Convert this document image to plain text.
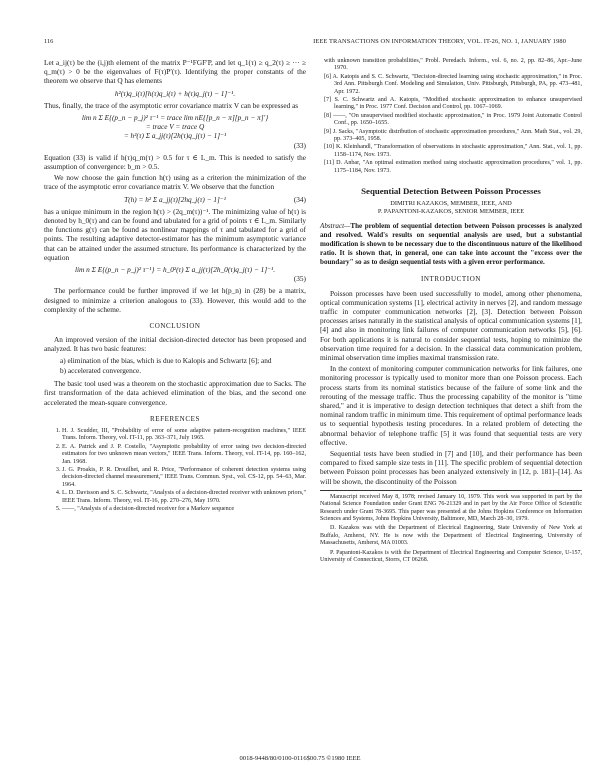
116	IEEE TRANSACTIONS ON INFORMATION THEORY, VOL. IT-26, NO. 1, JANUARY 1980

Let a_ij(τ) be the (i,j)th element of the matrix P⁻¹FGF′P, and let q_1(τ) ≥ q_2(τ) ≥ ··· ≥ q_m(τ) > 0 be the eigenvalues of F(τ)P′(τ). Identifying the proper constants of the theorem we observe that Q has elements

h²(τ)q_i(τ)[h(τ)q_i(τ) + h(τ)q_j(τ) − 1]⁻¹.

Thus, finally, the trace of the asymptotic error covariance matrix V can be expressed as

lim n Σ E{(p_n − p_j)² τ⁻¹ = trace lim nE{[p_n − π][p_n − π]′}
= trace V = trace Q
= h²(τ) Σ a_jj(τ)[2h(τ)q_j(τ) − 1]⁻¹
(33)

Equation (33) is valid if h(τ)q_m(τ) > 0.5 for τ ∈ L_m. This is needed to satisfy the assumption of convergence: b_m > 0.5.

We now choose the gain function h(τ) using as a criterion the minimization of the trace of the asymptotic error covariance matrix V. We observe that the function

T(h) = h² Σ a_jj(τ)[2hq_j(τ) − 1]⁻¹	(34)

has a unique minimum in the region h(τ) > (2q_m(τ))⁻¹. The minimizing value of h(τ) is denoted by h_0(τ) and can be found and tabulated for a grid of points τ ∈ L_m. Similarly the functions g(τ) can be found as nonlinear mappings of τ and tabulated for a grid of points. The resulting adaptive detector-estimator has the minimum asymptotic variance that can be attained under the assumed structure. Its performance is characterized by the equation

lim n Σ E{(p_n − p_j)² τ⁻¹} = h_0²(τ) Σ a_jj(τ)[2h_0(τ)q_j(τ) − 1]⁻¹.
(35)

The performance could be further improved if we let h(p_n) in (28) be a matrix, designed to minimize a criterion analogous to (33). However, this would add to the complexity of the scheme.

CONCLUSION

An improved version of the initial decision-directed detector has been proposed and analyzed. It has two basic features:

a) elimination of the bias, which is due to Kalopis and Schwartz [6]; and
b) accelerated convergence.

The basic tool used was a theorem on the stochastic approximation due to Sacks. The first transformation of the data achieved elimination of the bias, and the second one accelerated the mean-square convergence.

REFERENCES
1. H. J. Scudder, III, "Probability of error of some adaptive pattern-recognition machines," IEEE Trans. Inform. Theory, vol. IT-11, pp. 363–371, July 1965.
2. E. A. Patrick and J. P. Costello, "Asymptotic probability of error using two decision-directed estimators for two unknown mean vectors," IEEE Trans. Inform. Theory, vol. IT-14, pp. 160–162, Jan. 1968.
3. J. G. Proakis, P. R. Drouilhet, and R. Price, "Performance of coherent detection systems using decision-directed channel measurement," IEEE Trans. Commun. Syst., vol. CS-12, pp. 54–63, Mar. 1964.
4. L. D. Davisson and S. C. Schwartz, "Analysis of a decision-directed receiver with unknown priors," IEEE Trans. Inform. Theory, vol. IT-16, pp. 270–276, May 1970.
5. ——, "Analysis of a decision-directed receiver for a Markov sequence
with unknown transition probabilities," Probl. Peredach. Inform., vol. 6, no. 2, pp. 82–86, Apr.–June 1970.
[6] A. Katopis and S. C. Schwartz, "Decision-directed learning using stochastic approximation," in Proc. 3rd Ann. Pittsburgh Conf. Modeling and Simulation, Univ. Pittsburgh, Pittsburgh, PA, pp. 473–481, Apr. 1972.
[7] S. C. Schwartz and A. Katopis, "Modified stochastic approximation to enhance unsupervised learning," in Proc. 1977 Conf. Decision and Control, pp. 1067–1069.
[8] ——, "On unsupervised modified stochastic approximation," in Proc. 1979 Joint Automatic Control Conf., pp. 1650–1655.
[9] J. Sacks, "Asymptotic distribution of stochastic approximation procedures," Ann. Math Stat., vol. 29, pp. 373–405, 1958.
[10] K. Kleinhandl, "Transformation of observations in stochastic approximation," Ann. Stat., vol. 1, pp. 1158–1174, Nov. 1973.
[11] D. Anbar, "An optimal estimation method using stochastic approximation procedures," vol. 1, pp. 1175–1184, Nov. 1973.
Sequential Detection Between Poisson Processes
DIMITRI KAZAKOS, MEMBER, IEEE, AND
P. PAPANTONI-KAZAKOS, SENIOR MEMBER, IEEE

Abstract—The problem of sequential detection between Poisson processes is analyzed and resolved. Wald's results on sequential analysis are used, but a substantial modification is shown to be necessary due to the discontinuous nature of the likelihood ratio. It is shown that, in general, one can take into account the "excess over the boundary" so as to design sequential tests with a given error performance.

INTRODUCTION

Poisson processes have been used successfully to model, among other phenomena, optical communication systems [1], electrical activity in nerves [2], and random message traffic in computer communication networks [2], [3]. Detection between Poisson processes arises naturally in the statistical analysis of optical communication systems [1], [4] and also in monitoring link failures of computer communication networks [5], [6]. For both applications it is natural to consider sequential tests, hoping to minimize the observation time required for a decision. In the classical data communication problem, minimal observation time implies maximal transmission rate.

In the context of monitoring computer communication networks for link failures, one monitoring processor is typically used to monitor more than one Poisson process. Each process starts from its nominal statistics because of the failure of some link and the rerouting of the message traffic. Thus the processing capability of the monitor is "time shared," and it is imperative to design detection techniques that detect a shift from the nominal random traffic in minimum time. This requirement of optimal performance leads us to sequential hypothesis testing procedures. In a related problem of detecting the abnormal behavior of telephone traffic [5] it was found that sequential tests are very effective.

Sequential tests have been studied in [7] and [10], and their performance has been compared to fixed sample size tests in [11]. The specific problem of sequential detection between Poisson point processes has been analyzed extensively in [12, p. 181]–[14]. As will be shown, the discontinuity of the Poisson

Manuscript received May 8, 1978; revised January 10, 1979. This work was supported in part by the National Science Foundation under Grant ENG 76-21329 and in part by the Air Force Office of Scientific Research under Grant 78-3695. This paper was presented at the Johns Hopkins Conference on Information Sciences and Systems, Johns Hopkins University, Baltimore, MD, March 28–30, 1979.

D. Kazakos was with the Department of Electrical Engineering, State University of New York at Buffalo, Amherst, NY. He is now with the Department of Electrical Engineering, University of Massachusetts, Amherst, MA 01003.

P. Papantoni-Kazakos is with the Department of Electrical Engineering and Computer Science, U-157, University of Connecticut, Storrs, CT 06268.

0018-9448/80/0100-0116$00.75 ©1980 IEEE
